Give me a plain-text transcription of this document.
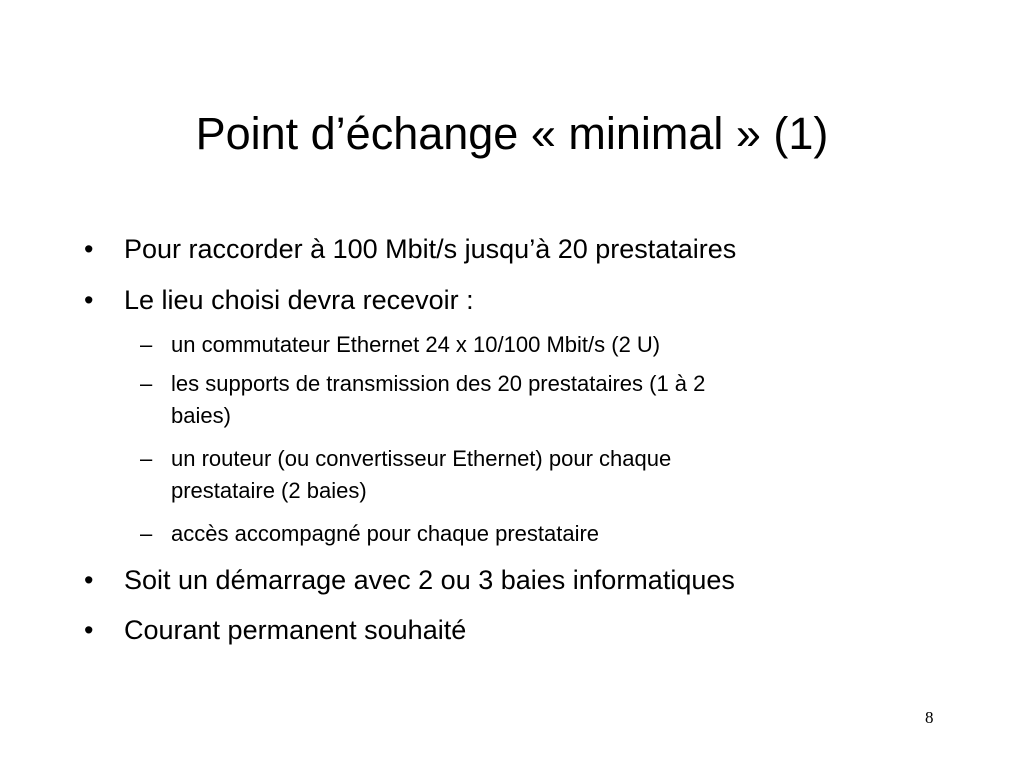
Point d’échange « minimal » (1)
•	Pour raccorder à 100 Mbit/s jusqu’à 20 prestataires
•	Le lieu choisi devra recevoir :
– un commutateur Ethernet 24 x 10/100 Mbit/s (2 U)
– les supports de transmission des 20 prestataires (1 à 2
baies)
– un routeur (ou convertisseur Ethernet) pour chaque
prestataire (2 baies)
– accès accompagné pour chaque prestataire
•	Soit un démarrage avec 2 ou 3 baies informatiques
•	Courant permanent souhaité
8
